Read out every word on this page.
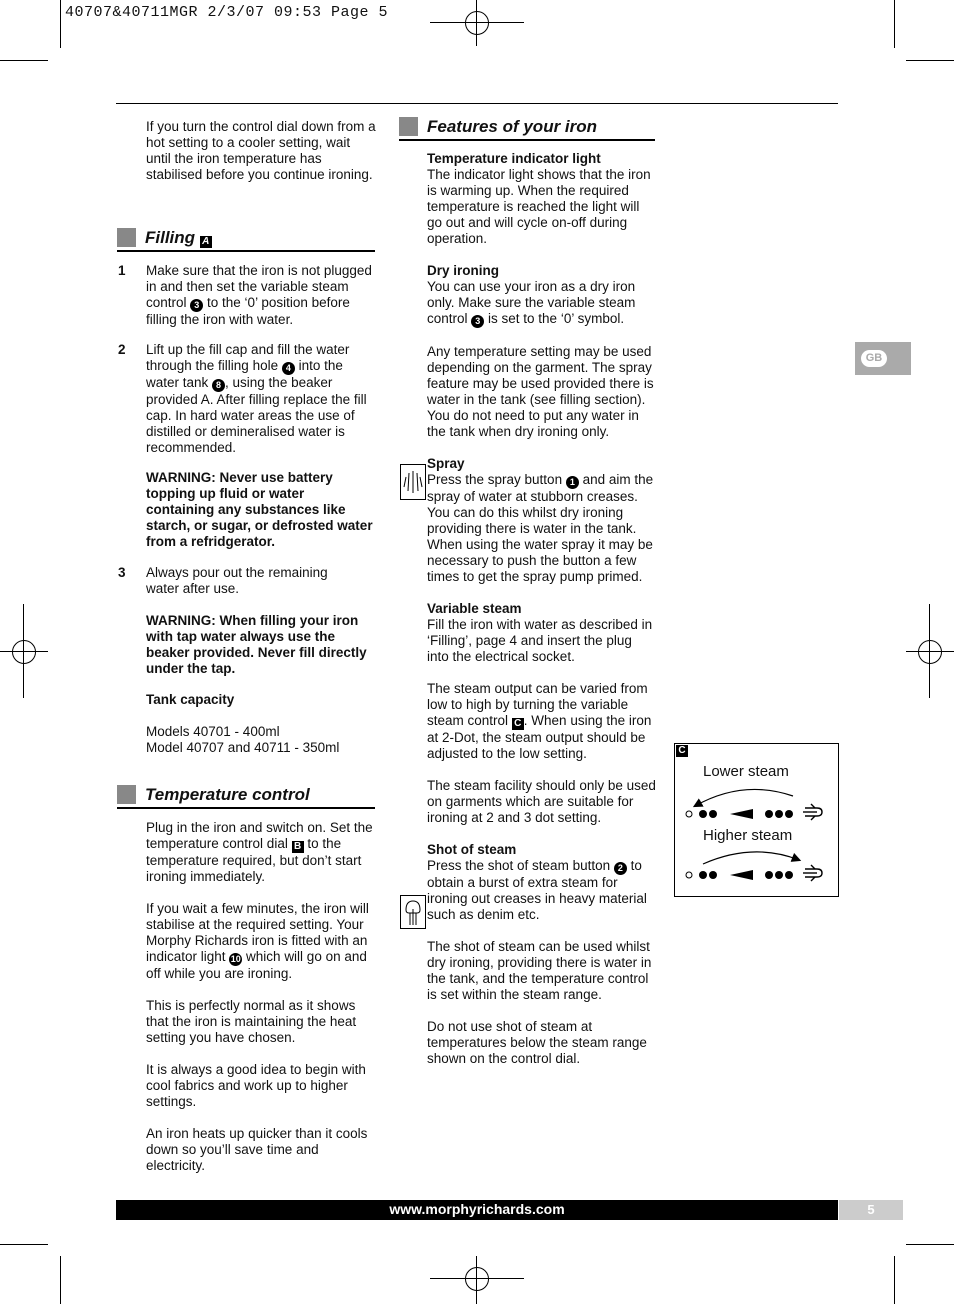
40707&40711MGR 2/3/07 09:53 Page 5
GB
If you turn the control dial down from a hot setting to a cooler setting, wait until the iron temperature has stabilised before you continue ironing.
Filling A
1 Make sure that the iron is not plugged in and then set the variable steam control 3 to the ‘0’ position before filling the iron with water.
2 Lift up the fill cap and fill the water through the filling hole 4 into the water tank 8 , using the beaker provided A. After filling replace the fill cap. In hard water areas the use of distilled or demineralised water is recommended.
WARNING: Never use battery topping up fluid or water containing any substances like starch, or sugar, or defrosted water from a refridgerator.
3 Always pour out the remaining water after use.
WARNING: When filling your iron with tap water always use the beaker provided. Never fill directly under the tap.
Tank capacity
Models 40701 - 400ml
Model 40707 and 40711 - 350ml
Temperature control

Plug in the iron and switch on. Set the temperature control dial B to the temperature required, but don’t start ironing immediately.

If you wait a few minutes, the iron will stabilise at the required setting. Your Morphy Richards iron is fitted with an indicator light 10 which will go on and off while you are ironing.

This is perfectly normal as it shows that the iron is maintaining the heat setting you have chosen.

It is always a good idea to begin with cool fabrics and work up to higher settings.

An iron heats up quicker than it cools down so you’ll save time and electricity.

Features of your iron
Temperature indicator light

The indicator light shows that the iron is warming up. When the required temperature is reached the light will go out and will cycle on-off during operation.

Dry ironing

You can use your iron as a dry iron only. Make sure the variable steam control 3 is set to the ‘0’ symbol.

Any temperature setting may be used depending on the garment. The spray feature may be used provided there is water in the tank (see filling section). You do not need to put any water in the tank when dry ironing only.

Spray

Press the spray button 1 and aim the spray of water at stubborn creases. You can do this whilst dry ironing providing there is water in the tank. When using the water spray it may be necessary to push the button a few times to get the spray pump primed.

Variable steam

Fill the iron with water as described in ‘Filling’, page 4 and insert the plug into the electrical socket.

The steam output can be varied from low to high by turning the variable steam control C . When using the iron at 2-Dot, the steam output should be adjusted to the low setting.

The steam facility should only be used on garments which are suitable for ironing at 2 and 3 dot setting.

Shot of steam

Press the shot of steam button 2 to obtain a burst of extra steam for ironing out creases in heavy material such as denim etc.

The shot of steam can be used whilst dry ironing, providing there is water in the tank, and the temperature control is set within the steam range.

Do not use shot of steam at temperatures below the steam range shown on the control dial.

C
Lower steam
Higher steam
www.morphyrichards.com	5
